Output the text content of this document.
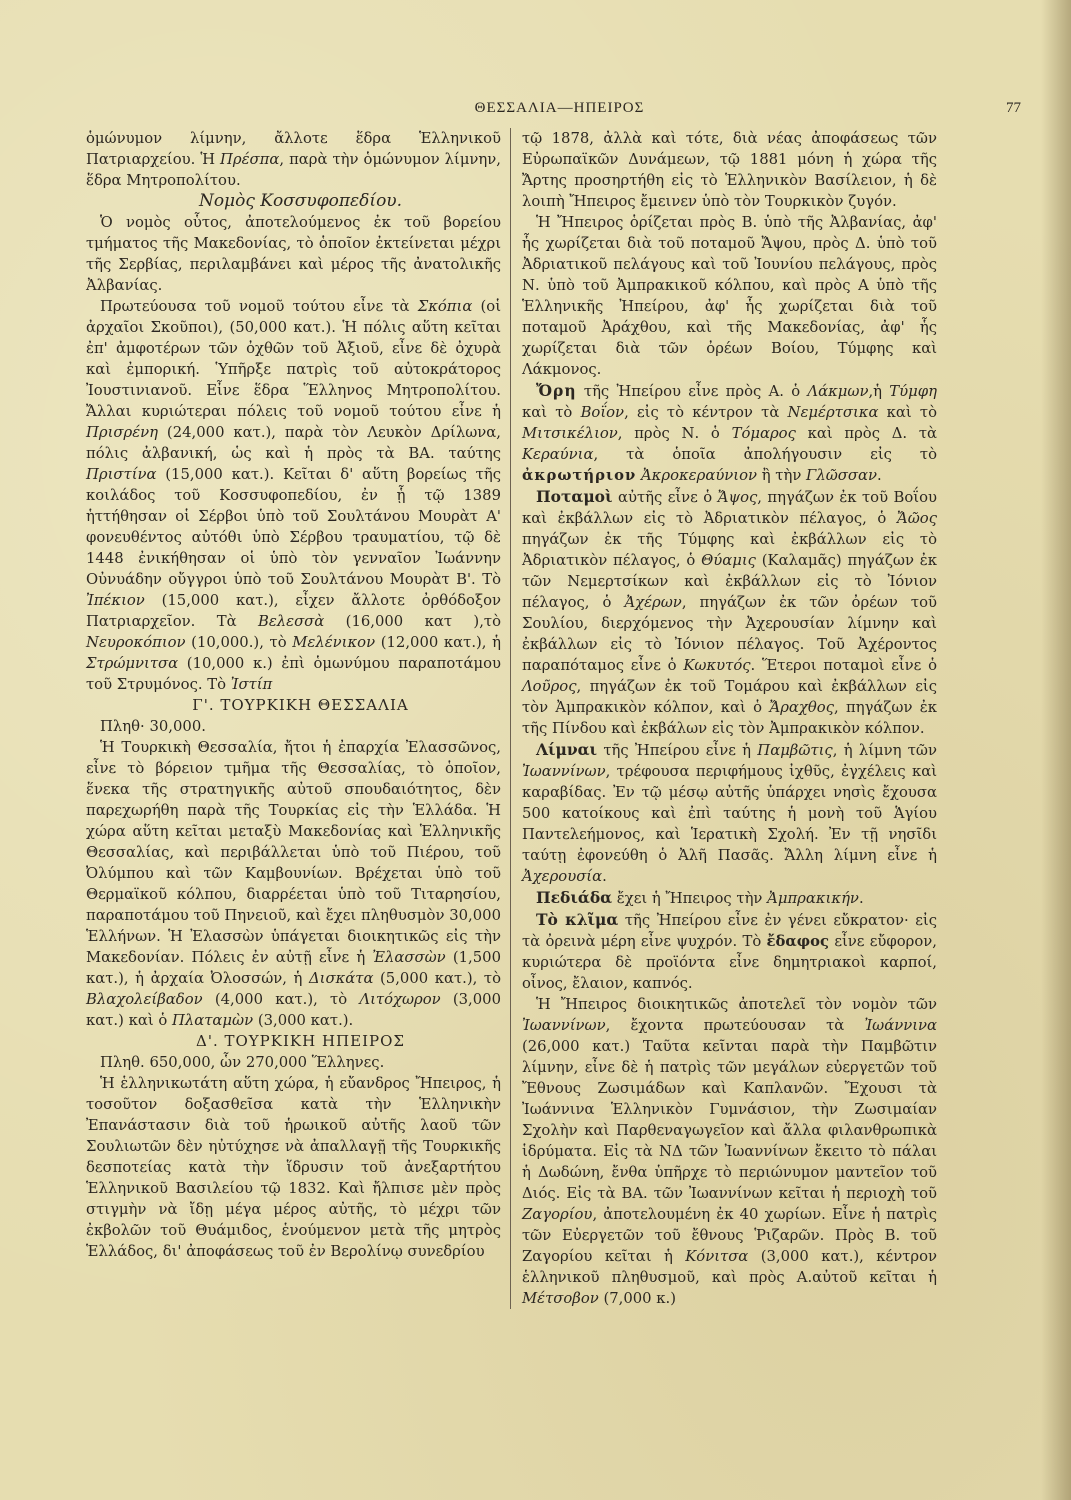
ΘΕΣΣΑΛΙΑ—ΗΠΕΙΡΟΣ	77

ὁμώνυμον λίμνην, ἄλλοτε ἕδρα Ἑλληνικοῦ Πατριαρχείου. Ἡ Πρέσπα, παρὰ τὴν ὁμώνυμον λίμνην, ἕδρα Μητροπολίτου.

Νομὸς Κοσσυφοπεδίου.

Ὁ νομὸς οὗτος, ἀποτελούμενος ἐκ τοῦ βορείου τμήματος τῆς Μακεδονίας, τὸ ὁποῖον ἐκτείνεται μέχρι τῆς Σερβίας, περιλαμβάνει καὶ μέρος τῆς ἀνατολικῆς Ἀλβανίας.

Πρωτεύουσα τοῦ νομοῦ τούτου εἶνε τὰ Σκόπια (οἱ ἀρχαῖοι Σκοῦποι), (50,000 κατ.). Ἡ πόλις αὕτη κεῖται ἐπ' ἀμφοτέρων τῶν ὀχθῶν τοῦ Ἀξιοῦ, εἶνε δὲ ὀχυρὰ καὶ ἐμπορική. Ὑπῆρξε πατρὶς τοῦ αὐτοκράτορος Ἰουστινιανοῦ. Εἶνε ἕδρα Ἕλληνος Μητροπολίτου. Ἄλλαι κυριώτεραι πόλεις τοῦ νομοῦ τούτου εἶνε ἡ Πρισρένη (24,000 κατ.), παρὰ τὸν Λευκὸν Δρίλωνα, πόλις ἀλβανική, ὡς καὶ ἡ πρὸς τὰ ΒΑ. ταύτης Πριστίνα (15,000 κατ.). Κεῖται δ' αὕτη βορείως τῆς κοιλάδος τοῦ Κοσσυφοπεδίου, ἐν ᾗ τῷ 1389 ἡττήθησαν οἱ Σέρβοι ὑπὸ τοῦ Σουλτάνου Μουρὰτ Α' φονευθέντος αὐτόθι ὑπὸ Σέρβου τραυματίου, τῷ δὲ 1448 ἐνικήθησαν οἱ ὑπὸ τὸν γενναῖον Ἰωάννην Οὐνυάδην οὔγγροι ὑπὸ τοῦ Σουλτάνου Μουρὰτ Β'. Τὸ Ἰπέκιον (15,000 κατ.), εἶχεν ἄλλοτε ὀρθόδοξον Πατριαρχεῖον. Τὰ Βελεσσὰ (16,000 κατ ),τὸ Νευροκόπιον (10,000.), τὸ Μελένικον (12,000 κατ.), ἡ Στρώμνιτσα (10,000 κ.) ἐπὶ ὁμωνύμου παραποτάμου τοῦ Στρυμόνος. Τὸ Ἰστίπ

Γ'. ΤΟΥΡΚΙΚΗ ΘΕΣΣΑΛΙΑ

Πληθ· 30,000.

Ἡ Τουρκικὴ Θεσσαλία, ἤτοι ἡ ἐπαρχία Ἐλασσῶνος, εἶνε τὸ βόρειον τμῆμα τῆς Θεσσαλίας, τὸ ὁποῖον, ἕνεκα τῆς στρατηγικῆς αὐτοῦ σπουδαιότητος, δὲν παρεχωρήθη παρὰ τῆς Τουρκίας εἰς τὴν Ἑλλάδα. Ἡ χώρα αὕτη κεῖται μεταξὺ Μακεδονίας καὶ Ἑλληνικῆς Θεσσαλίας, καὶ περιβάλλεται ὑπὸ τοῦ Πιέρου, τοῦ Ὀλύμπου καὶ τῶν Καμβουνίων. Βρέχεται ὑπὸ τοῦ Θερμαϊκοῦ κόλπου, διαρρέεται ὑπὸ τοῦ Τιταρησίου, παραποτάμου τοῦ Πηνειοῦ, καὶ ἔχει πληθυσμὸν 30,000 Ἑλλήνων. Ἡ Ἐλασσὼν ὑπάγεται διοικητικῶς εἰς τὴν Μακεδονίαν. Πόλεις ἐν αὐτῇ εἶνε ἡ Ἐλασσὼν (1,500 κατ.), ἡ ἀρχαία Ὀλοσσών, ἡ Δισκάτα (5,000 κατ.), τὸ Βλαχολείβαδον (4,000 κατ.), τὸ Λιτόχωρον (3,000 κατ.) καὶ ὁ Πλαταμὼν (3,000 κατ.).

Δ'. ΤΟΥΡΚΙΚΗ ΗΠΕΙΡΟΣ

Πληθ. 650,000, ὧν 270,000 Ἕλληνες.

Ἡ ἑλληνικωτάτη αὕτη χώρα, ἡ εὔανδρος Ἤπειρος, ἡ τοσοῦτον δοξασθεῖσα κατὰ τὴν Ἑλληνικὴν Ἐπανάστασιν διὰ τοῦ ἡρωικοῦ αὐτῆς λαοῦ τῶν Σουλιωτῶν δὲν ηὐτύχησε νὰ ἀπαλλαγῇ τῆς Τουρκικῆς δεσποτείας κατὰ τὴν ἵδρυσιν τοῦ ἀνεξαρτήτου Ἑλληνικοῦ Βασιλείου τῷ 1832. Καὶ ἤλπισε μὲν πρὸς στιγμὴν νὰ ἴδῃ μέγα μέρος αὐτῆς, τὸ μέχρι τῶν ἐκβολῶν τοῦ Θυάμιδος, ἑνούμενον μετὰ τῆς μητρὸς Ἑλλάδος, δι' ἀποφάσεως τοῦ ἐν Βερολίνῳ συνεδρίου

τῷ 1878, ἀλλὰ καὶ τότε, διὰ νέας ἀποφάσεως τῶν Εὐρωπαϊκῶν Δυνάμεων, τῷ 1881 μόνη ἡ χώρα τῆς Ἄρτης προσηρτήθη εἰς τὸ Ἑλληνικὸν Βασίλειον, ἡ δὲ λοιπὴ Ἤπειρος ἔμεινεν ὑπὸ τὸν Τουρκικὸν ζυγόν.

Ἡ Ἤπειρος ὁρίζεται πρὸς Β. ὑπὸ τῆς Ἀλβανίας, ἀφ' ἧς χωρίζεται διὰ τοῦ ποταμοῦ Ἄψου, πρὸς Δ. ὑπὸ τοῦ Ἀδριατικοῦ πελάγους καὶ τοῦ Ἰουνίου πελάγους, πρὸς Ν. ὑπὸ τοῦ Ἀμπρακικοῦ κόλπου, καὶ πρὸς Α ὑπὸ τῆς Ἑλληνικῆς Ἠπείρου, ἀφ' ἧς χωρίζεται διὰ τοῦ ποταμοῦ Ἀράχθου, καὶ τῆς Μακεδονίας, ἀφ' ἧς χωρίζεται διὰ τῶν ὀρέων Βοίου, Τύμφης καὶ Λάκμονος.

Ὄρη τῆς Ἠπείρου εἶνε πρὸς Α. ὁ Λάκμων,ἡ Τύμφη καὶ τὸ Βοΐον, εἰς τὸ κέντρον τὰ Νεμέρτσικα καὶ τὸ Μιτσικέλιον, πρὸς Ν. ὁ Τόμαρος καὶ πρὸς Δ. τὰ Κεραύνια, τὰ ὁποῖα ἀπολήγουσιν εἰς τὸ ἀκρωτήριον Ἀκροκεραύνιον ἢ τὴν Γλῶσσαν.

Ποταμοὶ αὐτῆς εἶνε ὁ Ἄψος, πηγάζων ἐκ τοῦ Βοΐου καὶ ἐκβάλλων εἰς τὸ Ἀδριατικὸν πέλαγος, ὁ Ἄῶος πηγάζων ἐκ τῆς Τύμφης καὶ ἐκβάλλων εἰς τὸ Ἀδριατικὸν πέλαγος, ὁ Θύαμις (Καλαμᾶς) πηγάζων ἐκ τῶν Νεμερτσίκων καὶ ἐκβάλλων εἰς τὸ Ἰόνιον πέλαγος, ὁ Ἀχέρων, πηγάζων ἐκ τῶν ὀρέων τοῦ Σουλίου, διερχόμενος τὴν Ἀχερουσίαν λίμνην καὶ ἐκβάλλων εἰς τὸ Ἰόνιον πέλαγος. Τοῦ Ἀχέροντος παραπόταμος εἶνε ὁ Κωκυτός. Ἕτεροι ποταμοὶ εἶνε ὁ Λοῦρος, πηγάζων ἐκ τοῦ Τομάρου καὶ ἐκβάλλων εἰς τὸν Ἀμπρακικὸν κόλπον, καὶ ὁ Ἄραχθος, πηγάζων ἐκ τῆς Πίνδου καὶ ἐκβάλων εἰς τὸν Ἀμπρακικὸν κόλπον.

Λίμναι τῆς Ἠπείρου εἶνε ἡ Παμβῶτις, ἡ λίμνη τῶν Ἰωαννίνων, τρέφουσα περιφήμους ἰχθῦς, ἐγχέλεις καὶ καραβίδας. Ἐν τῷ μέσῳ αὐτῆς ὑπάρχει νησὶς ἔχουσα 500 κατοίκους καὶ ἐπὶ ταύτης ἡ μονὴ τοῦ Ἁγίου Παντελεήμονος, καὶ Ἱερατικὴ Σχολή. Ἐν τῇ νησῖδι ταύτῃ ἐφονεύθη ὁ Ἀλῆ Πασᾶς. Ἄλλη λίμνη εἶνε ἡ Ἀχερουσία.

Πεδιάδα ἔχει ἡ Ἤπειρος τὴν Ἀμπρακικήν.

Τὸ κλῖμα τῆς Ἠπείρου εἶνε ἐν γένει εὔκρατον· εἰς τὰ ὀρεινὰ μέρη εἶνε ψυχρόν. Τὸ ἔδαφος εἶνε εὔφορον, κυριώτερα δὲ προϊόντα εἶνε δημητριακοὶ καρποί, οἶνος, ἔλαιον, καπνός.

Ἡ Ἤπειρος διοικητικῶς ἀποτελεῖ τὸν νομὸν τῶν Ἰωαννίνων, ἔχοντα πρωτεύουσαν τὰ Ἰωάννινα (26,000 κατ.) Ταῦτα κεῖνται παρὰ τὴν Παμβῶτιν λίμνην, εἶνε δὲ ἡ πατρὶς τῶν μεγάλων εὐεργετῶν τοῦ Ἔθνους Ζωσιμάδων καὶ Καπλανῶν. Ἔχουσι τὰ Ἰωάννινα Ἑλληνικὸν Γυμνάσιον, τὴν Ζωσιμαίαν Σχολὴν καὶ Παρθεναγωγεῖον καὶ ἄλλα φιλανθρωπικὰ ἱδρύματα. Εἰς τὰ ΝΔ τῶν Ἰωαννίνων ἔκειτο τὸ πάλαι ἡ Δωδώνη, ἔνθα ὑπῆρχε τὸ περιώνυμον μαντεῖον τοῦ Διός. Εἰς τὰ ΒΑ. τῶν Ἰωαννίνων κεῖται ἡ περιοχὴ τοῦ Ζαγορίου, ἀποτελουμένη ἐκ 40 χωρίων. Εἶνε ἡ πατρὶς τῶν Εὐεργετῶν τοῦ ἔθνους Ῥιζαρῶν. Πρὸς Β. τοῦ Ζαγορίου κεῖται ἡ Κόνιτσα (3,000 κατ.), κέντρον ἑλληνικοῦ πληθυσμοῦ, καὶ πρὸς Α.αὐτοῦ κεῖται ἡ Μέτσοβον (7,000 κ.)
